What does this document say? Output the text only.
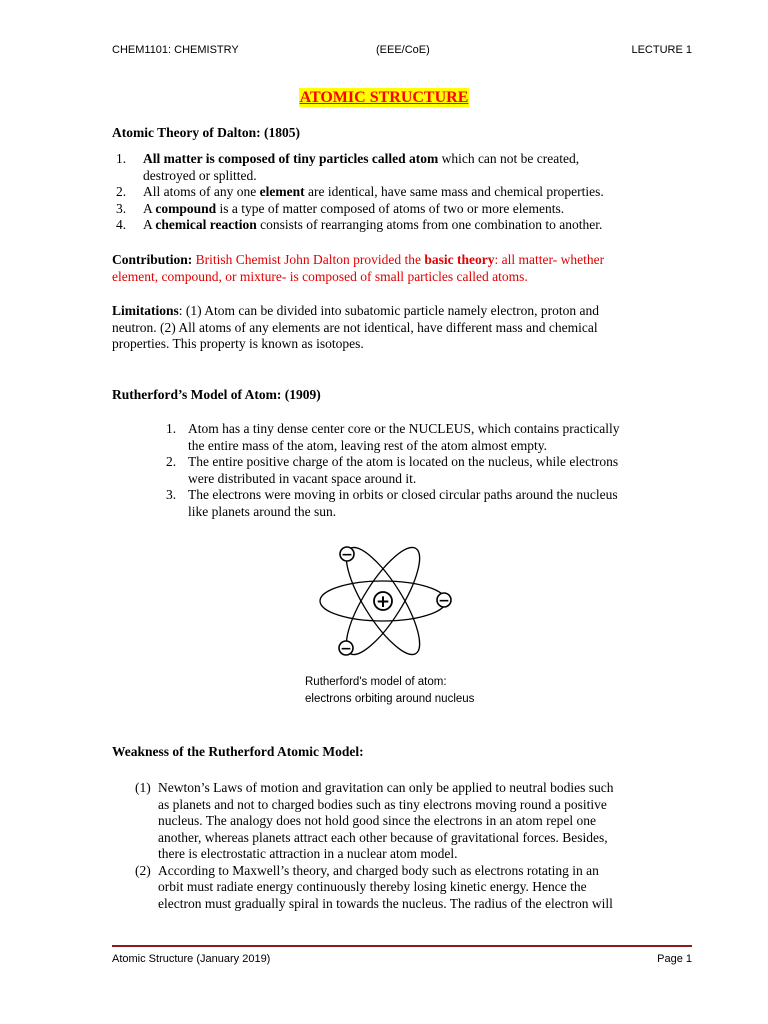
CHEM1101: CHEMISTRY	(EEE/CoE)	LECTURE 1
ATOMIC STRUCTURE
Atomic Theory of Dalton: (1805)
1. All matter is composed of tiny particles called atom which can not be created,
destroyed or splitted.
2. All atoms of any one element are identical, have same mass and chemical properties.
3. A compound is a type of matter composed of atoms of two or more elements.
4. A chemical reaction consists of rearranging atoms from one combination to another.
Contribution: British Chemist John Dalton provided the basic theory: all matter- whether
element, compound, or mixture- is composed of small particles called atoms.
Limitations: (1) Atom can be divided into subatomic particle namely electron, proton and
neutron. (2) All atoms of any elements are not identical, have different mass and chemical
properties. This property is known as isotopes.
Rutherford’s Model of Atom: (1909)
1. Atom has a tiny dense center core or the NUCLEUS, which contains practically
the entire mass of the atom, leaving rest of the atom almost empty.
2. The entire positive charge of the atom is located on the nucleus, while electrons
were distributed in vacant space around it.
3. The electrons were moving in orbits or closed circular paths around the nucleus
like planets around the sun.
+
−
−
−
Rutherford's model of atom:
electrons orbiting around nucleus
Weakness of the Rutherford Atomic Model:
(1) Newton’s Laws of motion and gravitation can only be applied to neutral bodies such
as planets and not to charged bodies such as tiny electrons moving round a positive
nucleus. The analogy does not hold good since the electrons in an atom repel one
another, whereas planets attract each other because of gravitational forces. Besides,
there is electrostatic attraction in a nuclear atom model.
(2) According to Maxwell’s theory, and charged body such as electrons rotating in an
orbit must radiate energy continuously thereby losing kinetic energy. Hence the
electron must gradually spiral in towards the nucleus. The radius of the electron will
Atomic Structure (January 2019)	Page 1
